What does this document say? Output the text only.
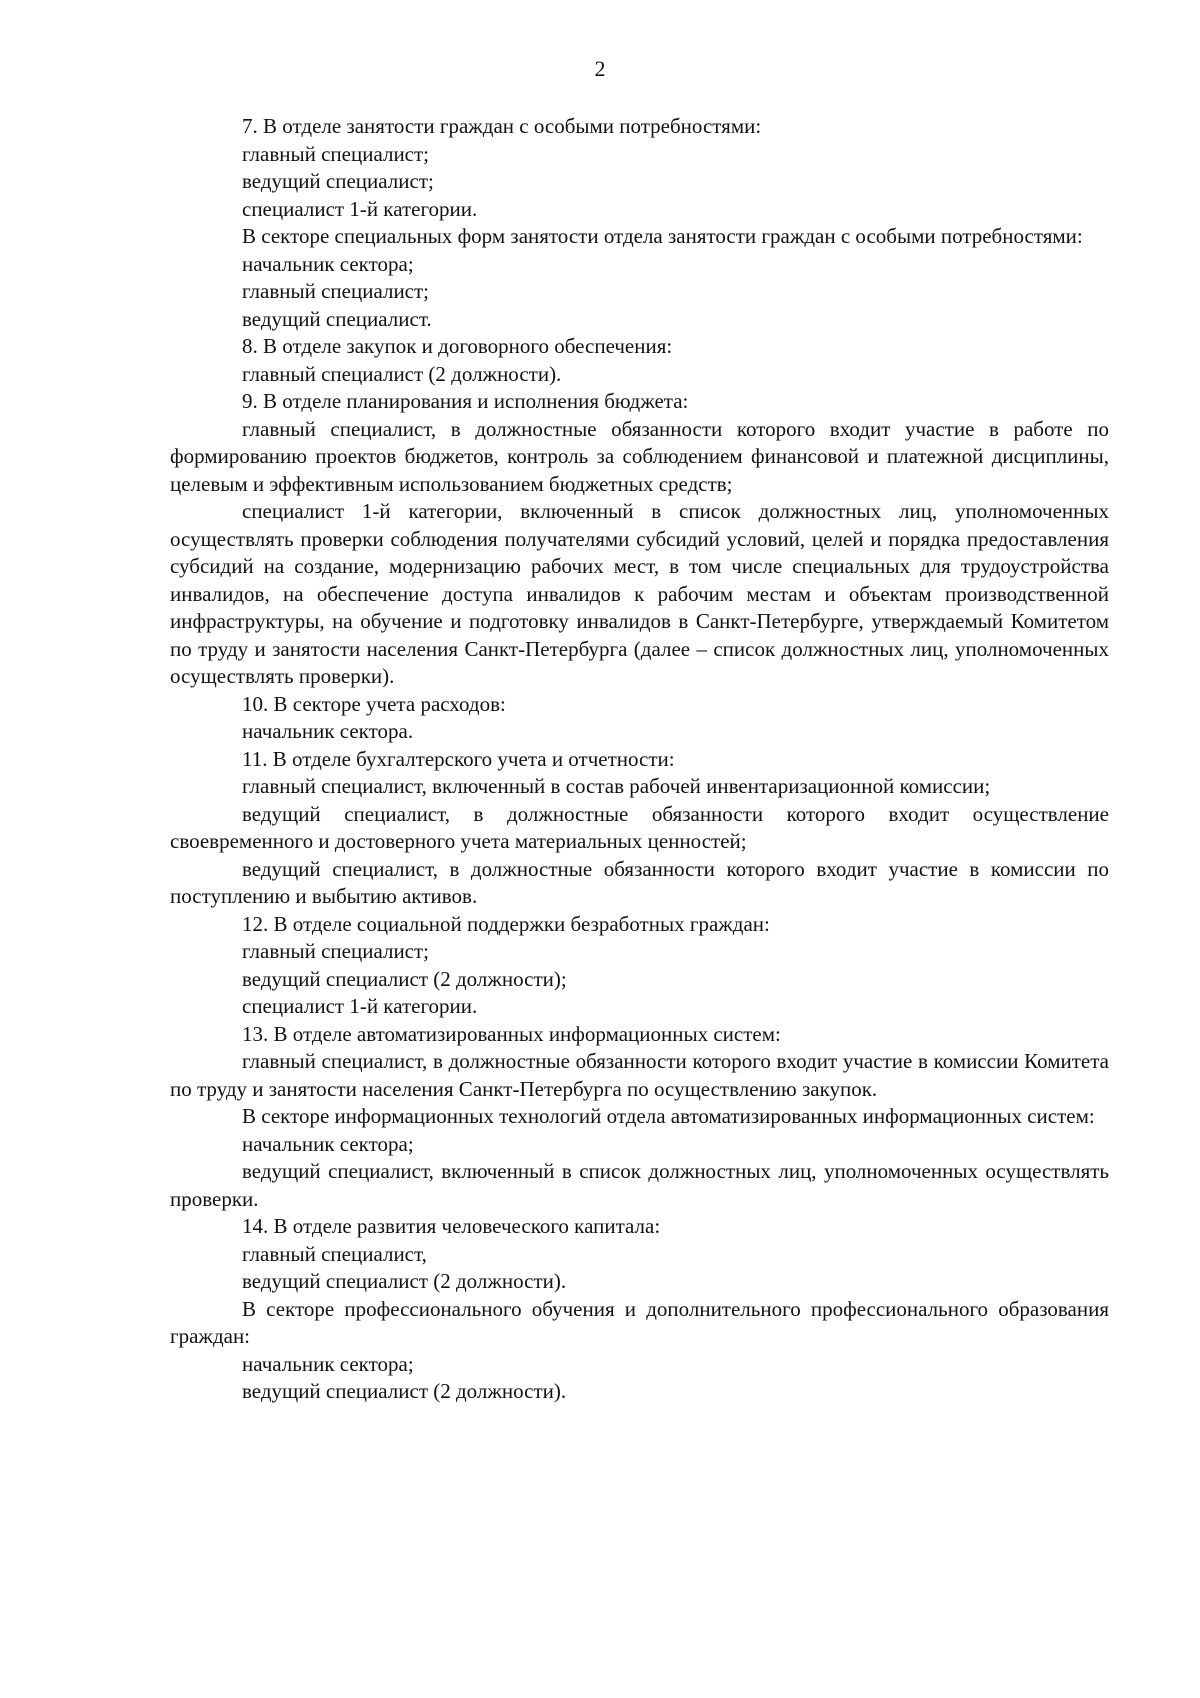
2

7. В отделе занятости граждан с особыми потребностями:

главный специалист;

ведущий специалист;

специалист 1-й категории.

В секторе специальных форм занятости отдела занятости граждан с особыми потребностями:

начальник сектора;

главный специалист;

ведущий специалист.

8. В отделе закупок и договорного обеспечения:

главный специалист (2 должности).

9. В отделе планирования и исполнения бюджета:

главный специалист, в должностные обязанности которого входит участие в работе по формированию проектов бюджетов, контроль за соблюдением финансовой и платежной дисциплины, целевым и эффективным использованием бюджетных средств;

специалист 1-й категории, включенный в список должностных лиц, уполномоченных осуществлять проверки соблюдения получателями субсидий условий, целей и порядка предоставления субсидий на создание, модернизацию рабочих мест, в том числе специальных для трудоустройства инвалидов, на обеспечение доступа инвалидов к рабочим местам и объектам производственной инфраструктуры, на обучение и подготовку инвалидов в Санкт-Петербурге, утверждаемый Комитетом по труду и занятости населения Санкт-Петербурга (далее – список должностных лиц, уполномоченных осуществлять проверки).

10. В секторе учета расходов:

начальник сектора.

11. В отделе бухгалтерского учета и отчетности:

главный специалист, включенный в состав рабочей инвентаризационной комиссии;

ведущий специалист, в должностные обязанности которого входит осуществление своевременного и достоверного учета материальных ценностей;

ведущий специалист, в должностные обязанности которого входит участие в комиссии по поступлению и выбытию активов.

12. В отделе социальной поддержки безработных граждан:

главный специалист;

ведущий специалист (2 должности);

специалист 1-й категории.

13. В отделе автоматизированных информационных систем:

главный специалист, в должностные обязанности которого входит участие в комиссии Комитета по труду и занятости населения Санкт-Петербурга по осуществлению закупок.

В секторе информационных технологий отдела автоматизированных информационных систем:

начальник сектора;

ведущий специалист, включенный в список должностных лиц, уполномоченных осуществлять проверки.

14. В отделе развития человеческого капитала:

главный специалист,

ведущий специалист (2 должности).

В секторе профессионального обучения и дополнительного профессионального образования граждан:

начальник сектора;

ведущий специалист (2 должности).
